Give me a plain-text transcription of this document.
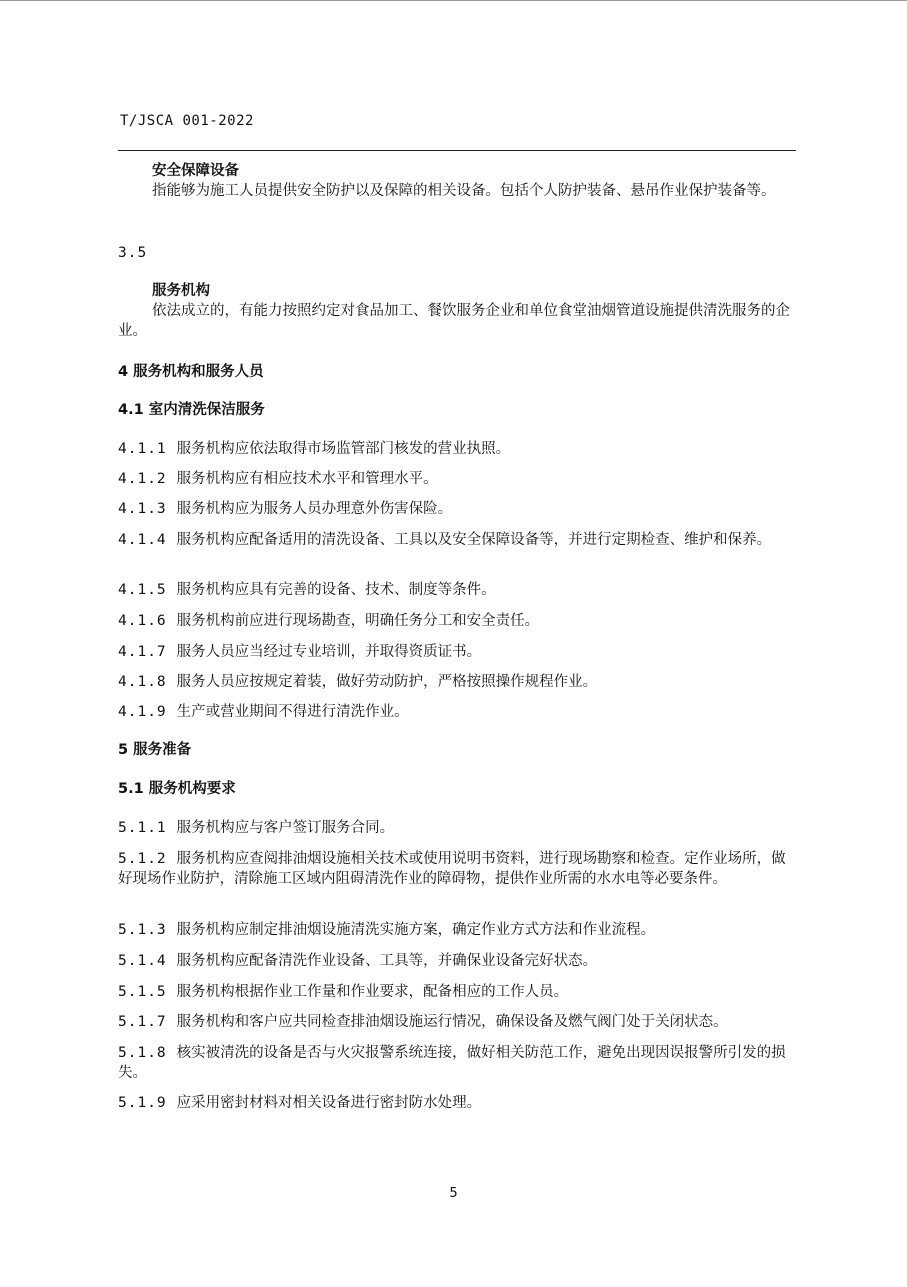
T/JSCA 001-2022
安全保障设备

指能够为施工人员提供安全防护以及保障的相关设备。包括个人防护装备、悬吊作业保护装备等。

3.5
服务机构

依法成立的，有能力按照约定对食品加工、餐饮服务企业和单位食堂油烟管道设施提供清洗服务的企业。

4 服务机构和服务人员
4.1 室内清洗保洁服务

4.1.1 服务机构应依法取得市场监管部门核发的营业执照。

4.1.2 服务机构应有相应技术水平和管理水平。

4.1.3 服务机构应为服务人员办理意外伤害保险。

4.1.4 服务机构应配备适用的清洗设备、工具以及安全保障设备等，并进行定期检查、维护和保养。

4.1.5 服务机构应具有完善的设备、技术、制度等条件。

4.1.6 服务机构前应进行现场勘查，明确任务分工和安全责任。

4.1.7 服务人员应当经过专业培训，并取得资质证书。

4.1.8 服务人员应按规定着装，做好劳动防护，严格按照操作规程作业。

4.1.9 生产或营业期间不得进行清洗作业。

5 服务准备
5.1 服务机构要求

5.1.1 服务机构应与客户签订服务合同。

5.1.2 服务机构应查阅排油烟设施相关技术或使用说明书资料，进行现场勘察和检查。定作业场所，做好现场作业防护，清除施工区域内阻碍清洗作业的障碍物，提供作业所需的水水电等必要条件。

5.1.3 服务机构应制定排油烟设施清洗实施方案，确定作业方式方法和作业流程。

5.1.4 服务机构应配备清洗作业设备、工具等，并确保业设备完好状态。

5.1.5 服务机构根据作业工作量和作业要求，配备相应的工作人员。

5.1.7 服务机构和客户应共同检查排油烟设施运行情况，确保设备及燃气阀门处于关闭状态。

5.1.8 核实被清洗的设备是否与火灾报警系统连接，做好相关防范工作，避免出现因误报警所引发的损失。

5.1.9 应采用密封材料对相关设备进行密封防水处理。

5
